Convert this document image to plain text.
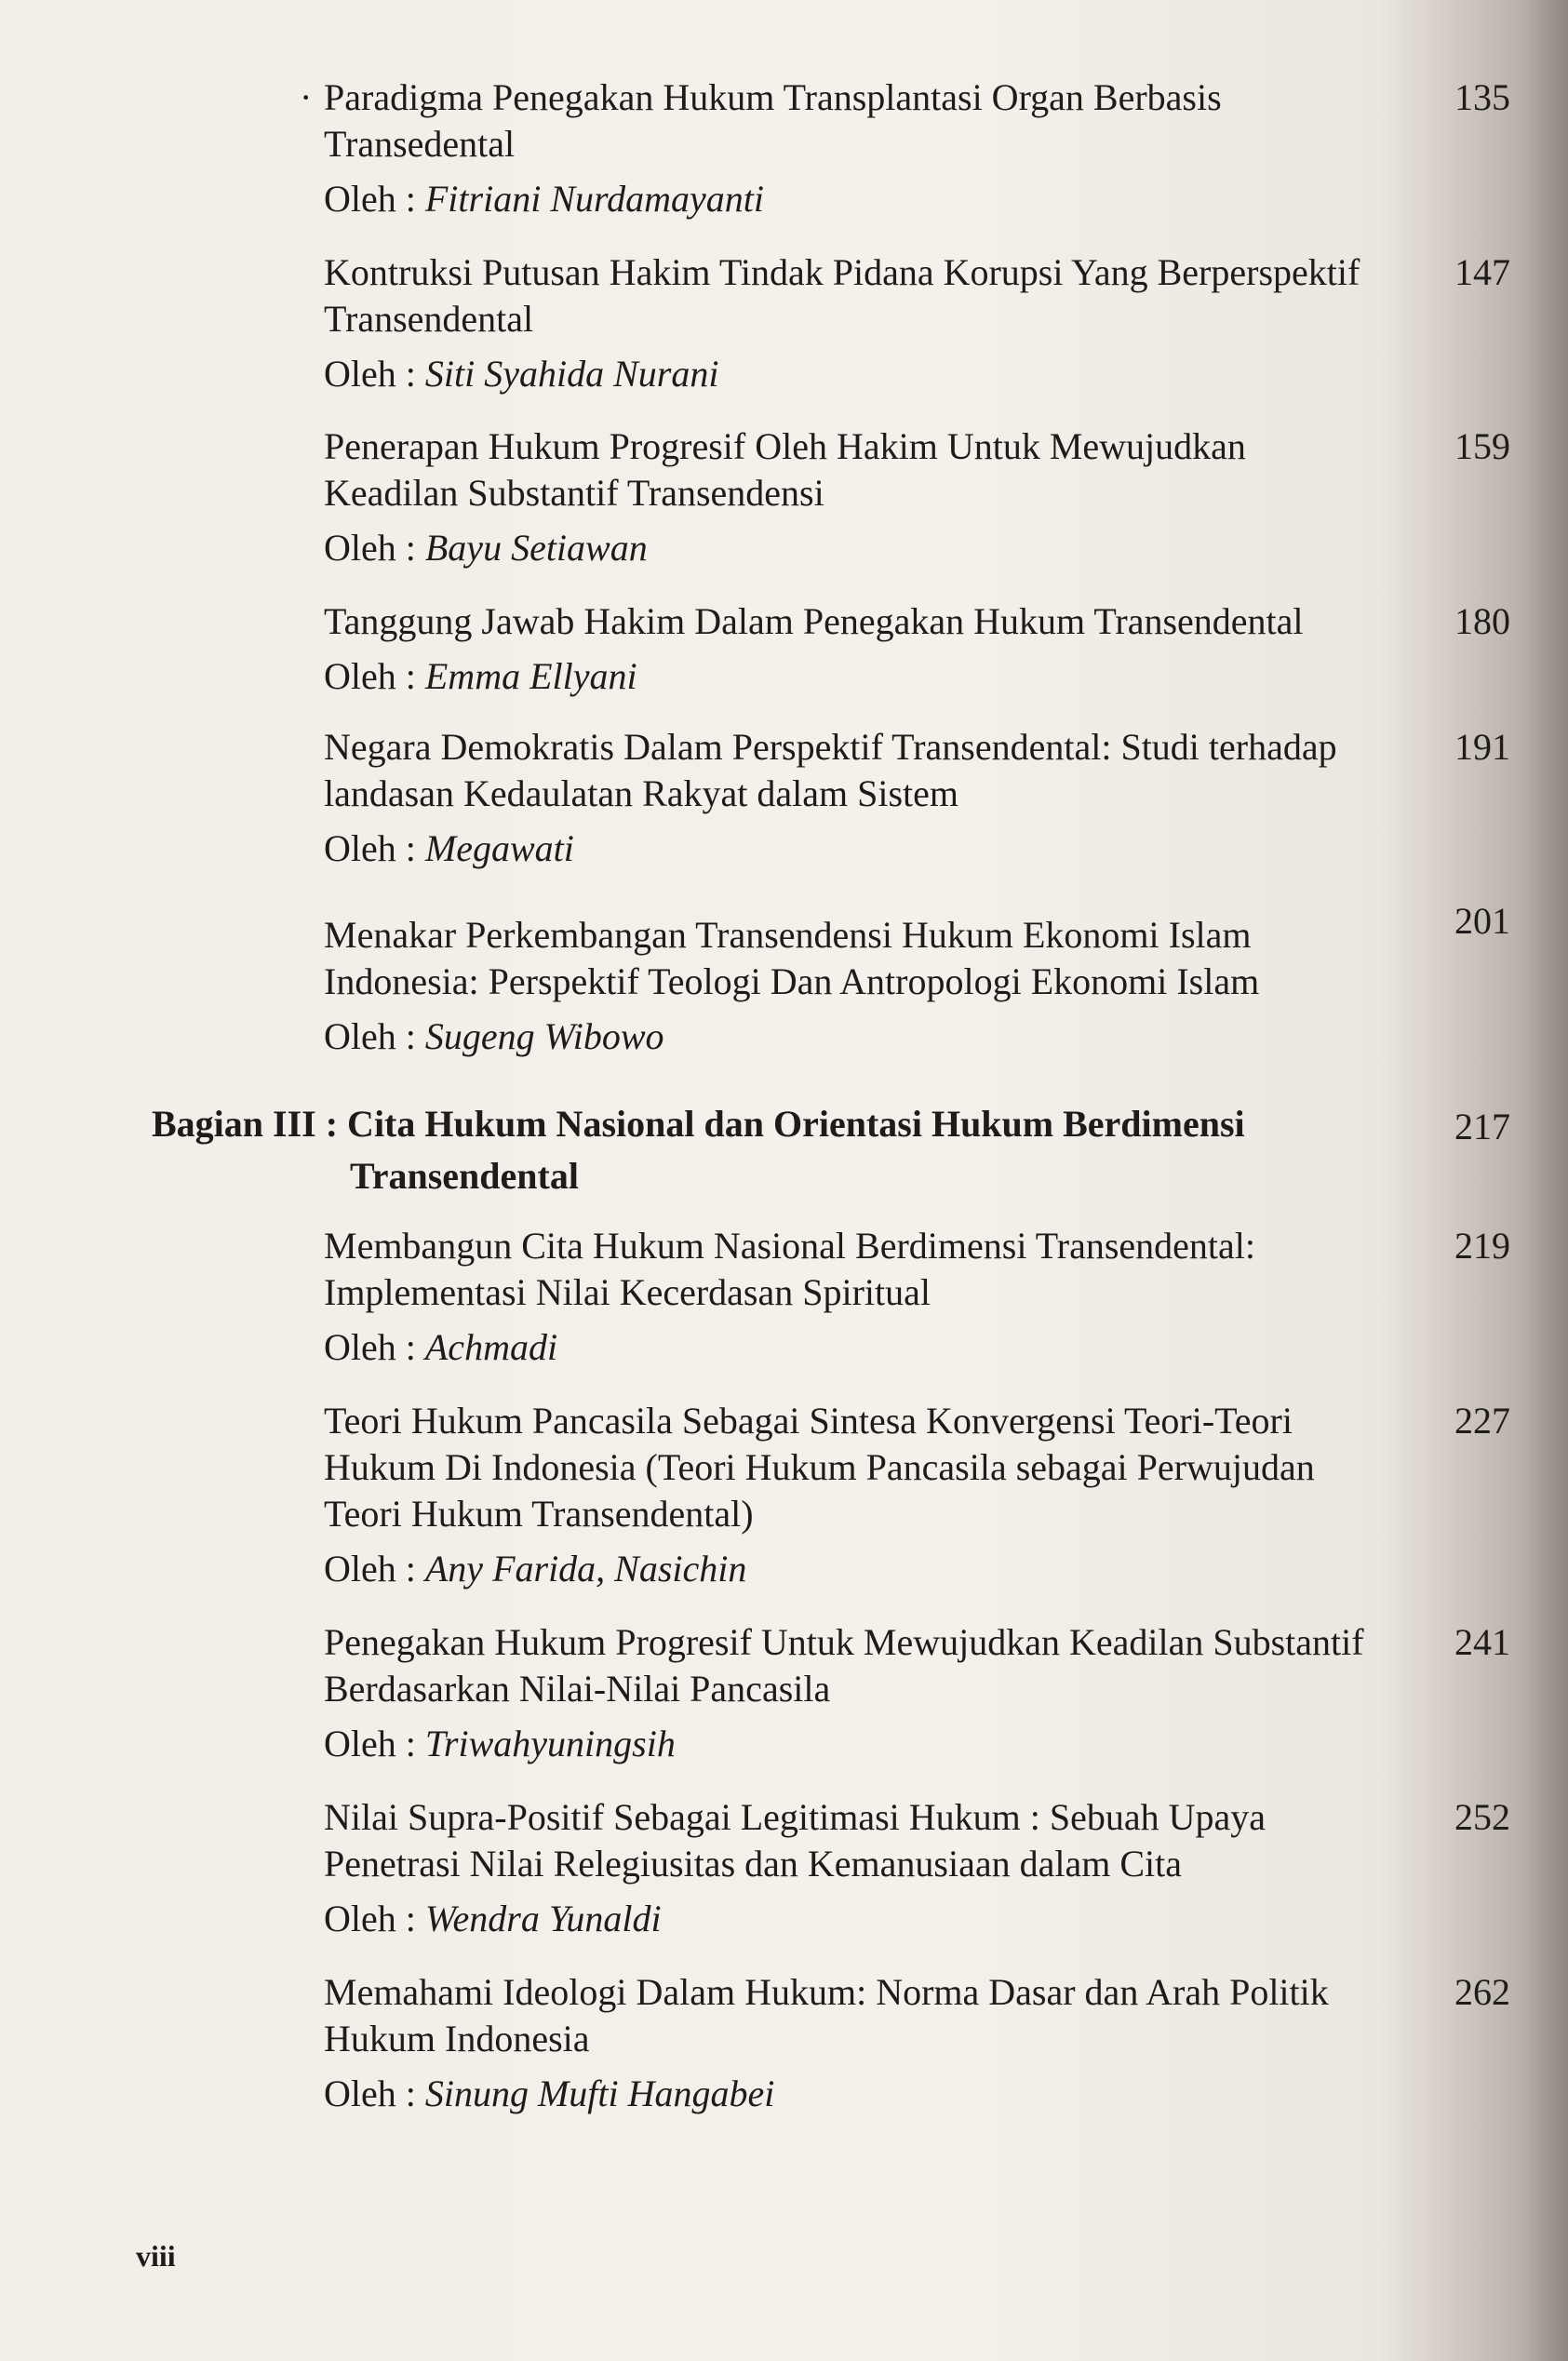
· Paradigma Penegakan Hukum Transplantasi Organ Berbasis Transedental
Oleh : Fitriani Nurdamayanti
135
Kontruksi Putusan Hakim Tindak Pidana Korupsi Yang Berperspektif Transendental
Oleh : Siti Syahida Nurani
147
Penerapan Hukum Progresif Oleh Hakim Untuk Mewujudkan Keadilan Substantif Transendensi
Oleh : Bayu Setiawan
159
Tanggung Jawab Hakim Dalam Penegakan Hukum Transendental
Oleh : Emma Ellyani
180
Negara Demokratis Dalam Perspektif Transendental: Studi terhadap landasan Kedaulatan Rakyat dalam Sistem
Oleh : Megawati
191
Menakar Perkembangan Transendensi Hukum Ekonomi Islam Indonesia: Perspektif Teologi Dan Antropologi Ekonomi Islam
Oleh : Sugeng Wibowo
201
Bagian III : Cita Hukum Nasional dan Orientasi Hukum Berdimensi
Transendental
217
Membangun Cita Hukum Nasional Berdimensi Transendental: Implementasi Nilai Kecerdasan Spiritual
Oleh : Achmadi
219
Teori Hukum Pancasila Sebagai Sintesa Konvergensi Teori-Teori Hukum Di Indonesia (Teori Hukum Pancasila sebagai Perwujudan Teori Hukum Transendental)
Oleh : Any Farida, Nasichin
227
Penegakan Hukum Progresif Untuk Mewujudkan Keadilan Substantif Berdasarkan Nilai-Nilai Pancasila
Oleh : Triwahyuningsih
241
Nilai Supra-Positif Sebagai Legitimasi Hukum : Sebuah Upaya Penetrasi Nilai Relegiusitas dan Kemanusiaan dalam Cita
Oleh : Wendra Yunaldi
252
Memahami Ideologi Dalam Hukum: Norma Dasar dan Arah Politik Hukum Indonesia
Oleh : Sinung Mufti Hangabei
262
viii
